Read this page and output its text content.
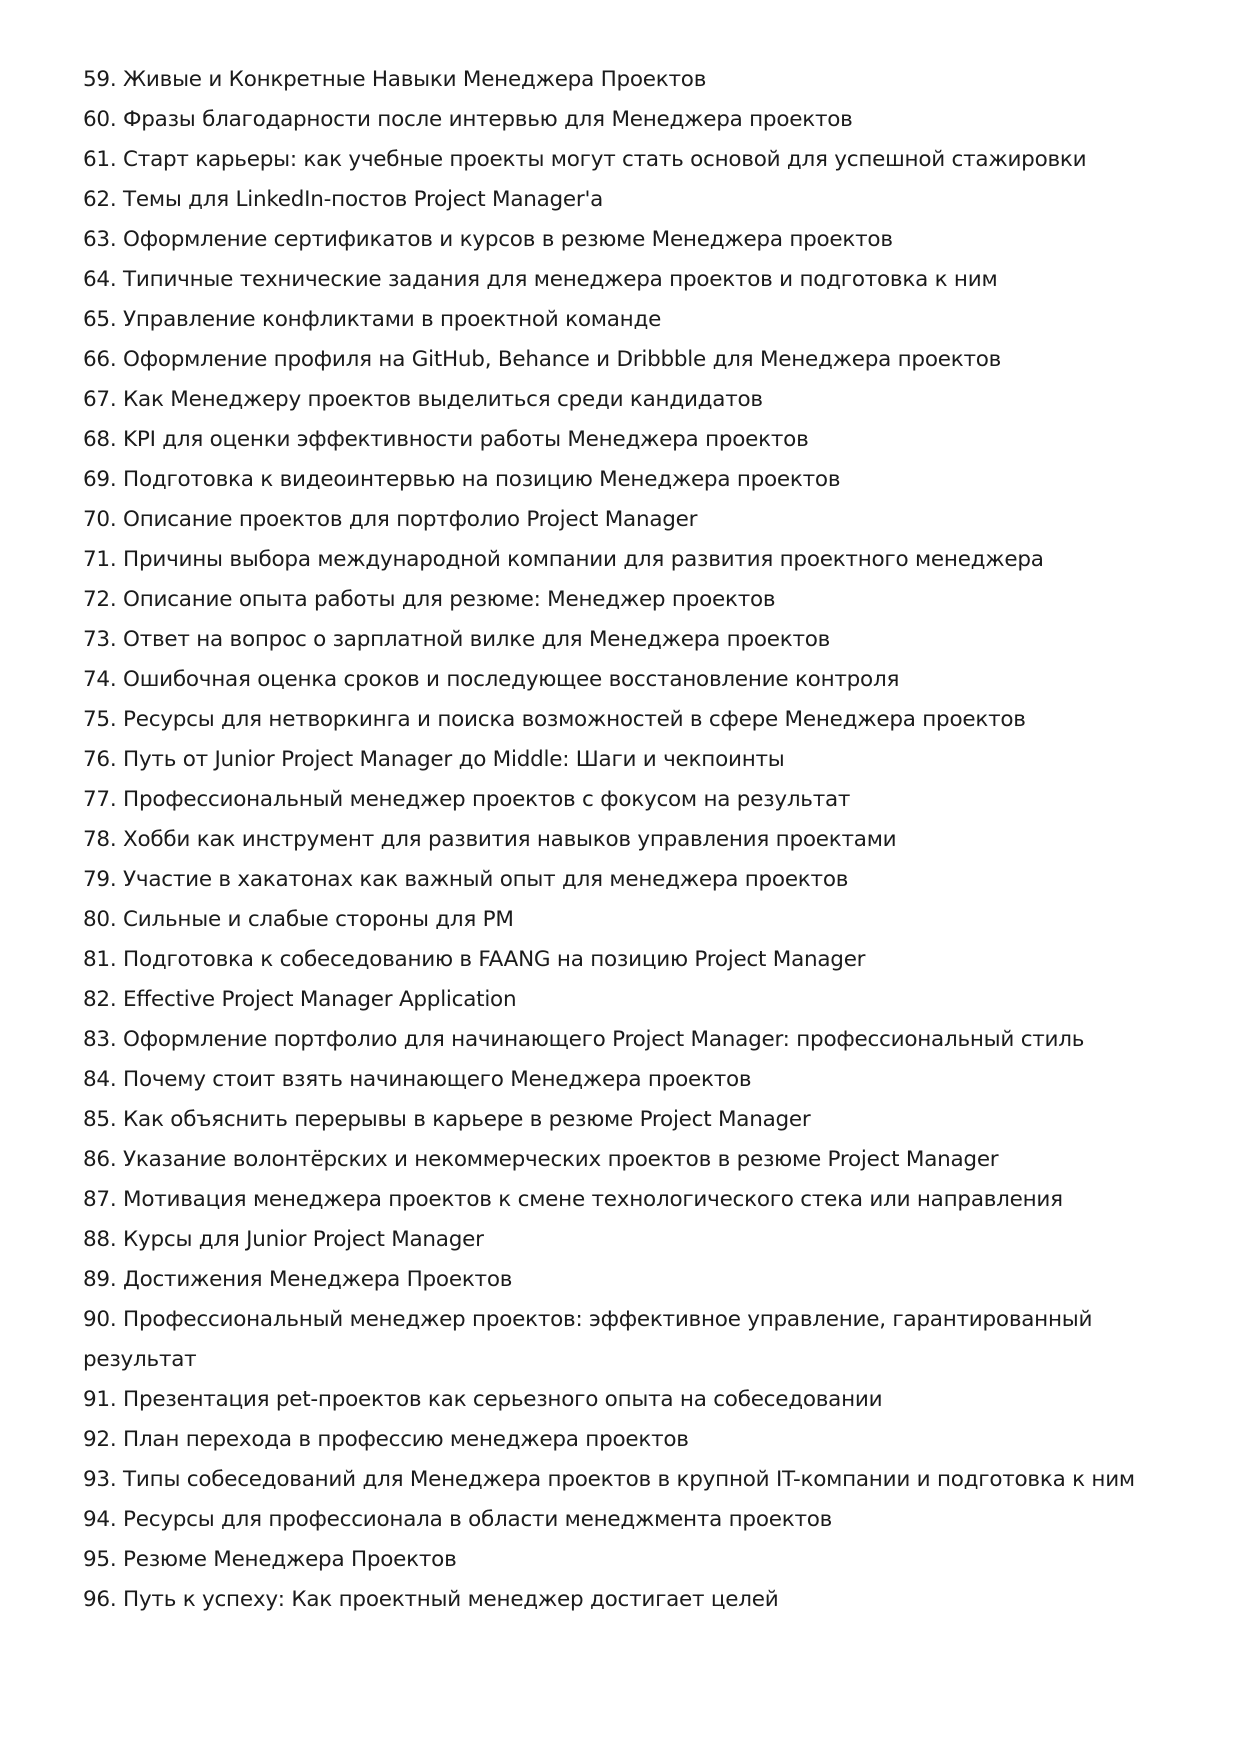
59. Живые и Конкретные Навыки Менеджера Проектов
60. Фразы благодарности после интервью для Менеджера проектов
61. Старт карьеры: как учебные проекты могут стать основой для успешной стажировки
62. Темы для LinkedIn-постов Project Manager'a
63. Оформление сертификатов и курсов в резюме Менеджера проектов
64. Типичные технические задания для менеджера проектов и подготовка к ним
65. Управление конфликтами в проектной команде
66. Оформление профиля на GitHub, Behance и Dribbble для Менеджера проектов
67. Как Менеджеру проектов выделиться среди кандидатов
68. KPI для оценки эффективности работы Менеджера проектов
69. Подготовка к видеоинтервью на позицию Менеджера проектов
70. Описание проектов для портфолио Project Manager
71. Причины выбора международной компании для развития проектного менеджера
72. Описание опыта работы для резюме: Менеджер проектов
73. Ответ на вопрос о зарплатной вилке для Менеджера проектов
74. Ошибочная оценка сроков и последующее восстановление контроля
75. Ресурсы для нетворкинга и поиска возможностей в сфере Менеджера проектов
76. Путь от Junior Project Manager до Middle: Шаги и чекпоинты
77. Профессиональный менеджер проектов с фокусом на результат
78. Хобби как инструмент для развития навыков управления проектами
79. Участие в хакатонах как важный опыт для менеджера проектов
80. Сильные и слабые стороны для PM
81. Подготовка к собеседованию в FAANG на позицию Project Manager
82. Effective Project Manager Application
83. Оформление портфолио для начинающего Project Manager: профессиональный стиль
84. Почему стоит взять начинающего Менеджера проектов
85. Как объяснить перерывы в карьере в резюме Project Manager
86. Указание волонтёрских и некоммерческих проектов в резюме Project Manager
87. Мотивация менеджера проектов к смене технологического стека или направления
88. Курсы для Junior Project Manager
89. Достижения Менеджера Проектов
90. Профессиональный менеджер проектов: эффективное управление, гарантированный результат
91. Презентация pet-проектов как серьезного опыта на собеседовании
92. План перехода в профессию менеджера проектов
93. Типы собеседований для Менеджера проектов в крупной IT-компании и подготовка к ним
94. Ресурсы для профессионала в области менеджмента проектов
95. Резюме Менеджера Проектов
96. Путь к успеху: Как проектный менеджер достигает целей
